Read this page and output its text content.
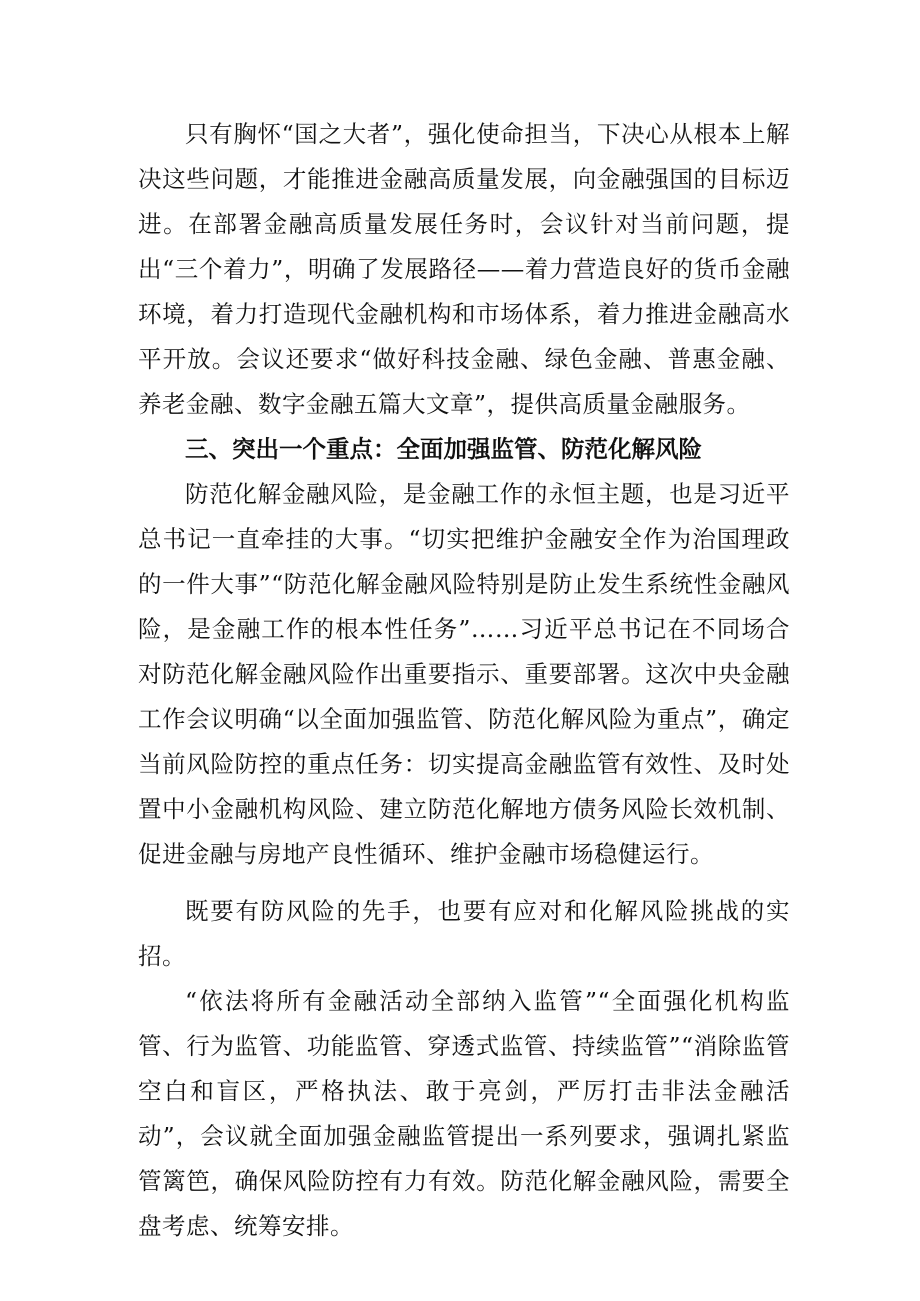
只有胸怀“国之大者”，强化使命担当，下决心从根本上解决这些问题，才能推进金融高质量发展，向金融强国的目标迈进。在部署金融高质量发展任务时，会议针对当前问题，提出“三个着力”，明确了发展路径——着力营造良好的货币金融环境，着力打造现代金融机构和市场体系，着力推进金融高水平开放。会议还要求“做好科技金融、绿色金融、普惠金融、养老金融、数字金融五篇大文章”，提供高质量金融服务。

三、突出一个重点：全面加强监管、防范化解风险

防范化解金融风险，是金融工作的永恒主题，也是习近平总书记一直牵挂的大事。“切实把维护金融安全作为治国理政的一件大事”“防范化解金融风险特别是防止发生系统性金融风险，是金融工作的根本性任务”……习近平总书记在不同场合对防范化解金融风险作出重要指示、重要部署。这次中央金融工作会议明确“以全面加强监管、防范化解风险为重点”，确定当前风险防控的重点任务：切实提高金融监管有效性、及时处置中小金融机构风险、建立防范化解地方债务风险长效机制、促进金融与房地产良性循环、维护金融市场稳健运行。

既要有防风险的先手，也要有应对和化解风险挑战的实招。

“依法将所有金融活动全部纳入监管”“全面强化机构监管、行为监管、功能监管、穿透式监管、持续监管”“消除监管空白和盲区，严格执法、敢于亮剑，严厉打击非法金融活动”，会议就全面加强金融监管提出一系列要求，强调扎紧监管篱笆，确保风险防控有力有效。防范化解金融风险，需要全盘考虑、统筹安排。
